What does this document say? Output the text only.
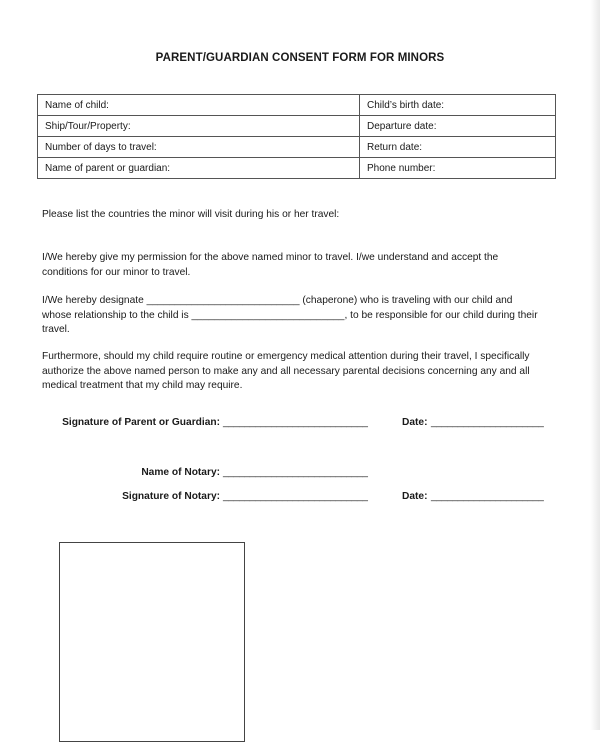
PARENT/GUARDIAN CONSENT FORM FOR MINORS
Name of child:	Child’s birth date:
Ship/Tour/Property:	Departure date:
Number of days to travel:	Return date:
Name of parent or guardian:	Phone number:
Please list the countries the minor will visit during his or her travel:
I/We hereby give my permission for the above named minor to travel. I/we understand and accept the
conditions for our minor to travel.
I/We hereby designate ___________________________ (chaperone) who is traveling with our child and
whose relationship to the child is ___________________________, to be responsible for our child during their
travel.
Furthermore, should my child require routine or emergency medical attention during their travel, I specifically
authorize the above named person to make any and all necessary parental decisions concerning any and all
medical treatment that my child may require.
Signature of Parent or Guardian: ___________________________	Date: _____________________
Name of Notary: ___________________________
Signature of Notary: ___________________________	Date: _____________________
